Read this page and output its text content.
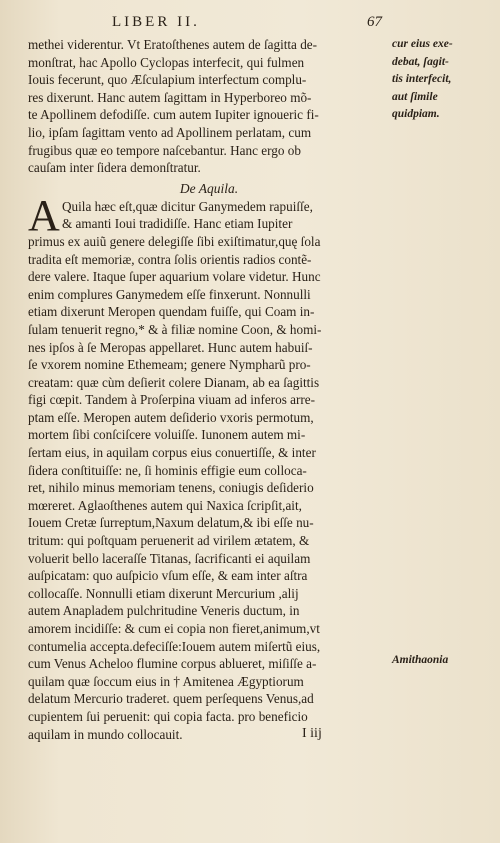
LIBER II.	67
methei viderentur. Vt Eratoſthenes autem de ſagitta de-
monſtrat, hac Apollo Cyclopas interfecit, qui fulmen
Iouis fecerunt, quo Æſculapium interfectum complu-
res dixerunt. Hanc autem ſagittam in Hyperboreo mõ-
te Apollinem defodiſſe. cum autem Iupiter ignoueric fi-
lio, ipſam ſagittam vento ad Apollinem perlatam, cum
frugibus quæ eo tempore naſcebantur. Hanc ergo ob
cauſam inter ſidera demonſtratur.
De Aquila.
A Quila hæc eſt,quæ dicitur Ganymedem rapuiſſe,
& amanti Ioui tradidiſſe. Hanc etiam Iupiter
primus ex auiũ genere delegiſſe ſibi exiſtimatur,quę ſola
tradita eſt memoriæ, contra ſolis orientis radios contẽ-
dere valere. Itaque ſuper aquarium volare videtur. Hunc
enim complures Ganymedem eſſe finxerunt. Nonnulli
etiam dixerunt Meropen quendam fuiſſe, qui Coam in-
ſulam tenuerit regno,* & à filiæ nomine Coon, & homi-
nes ipſos à ſe Meropas appellaret. Hunc autem habuiſ-
ſe vxorem nomine Ethemeam; genere Nympharũ pro-
creatam: quæ cùm deſierit colere Dianam, ab ea ſagittis
figi cœpit. Tandem à Proſerpina viuam ad inferos arre-
ptam eſſe. Meropen autem deſiderio vxoris permotum,
mortem ſibi conſciſcere voluiſſe. Iunonem autem mi-
ſertam eius, in aquilam corpus eius conuertiſſe, & inter
ſidera conſtituiſſe: ne, ſi hominis effigie eum colloca-
ret, nihilo minus memoriam tenens, coniugis deſiderio
mœreret. Aglaoſthenes autem qui Naxica ſcripſit,ait,
Iouem Cretæ ſurreptum,Naxum delatum,& ibi eſſe nu-
tritum: qui poſtquam peruenerit ad virilem ætatem, &
voluerit bello laceraſſe Titanas, ſacrificanti ei aquilam
auſpicatam: quo auſpicio vſum eſſe, & eam inter aſtra
collocaſſe. Nonnulli etiam dixerunt Mercurium ,alij
autem Anapladem pulchritudine Veneris ductum, in
amorem incidiſſe: & cum ei copia non fieret,animum,vt
contumelia accepta.defeciſſe:Iouem autem miſertũ eius,
cum Venus Acheloo flumine corpus ablueret, miſiſſe a-
quilam quæ ſoccum eius in † Amitenea Ægyptiorum
delatum Mercurio traderet. quem perſequens Venus,ad
cupientem ſui peruenit: qui copia facta. pro beneficio
aquilam in mundo collocauit.
cur eius exe-
debat, ſagit-
tis interfecit,
aut ſimile
quidpiam.
Amithaonia
I iij
